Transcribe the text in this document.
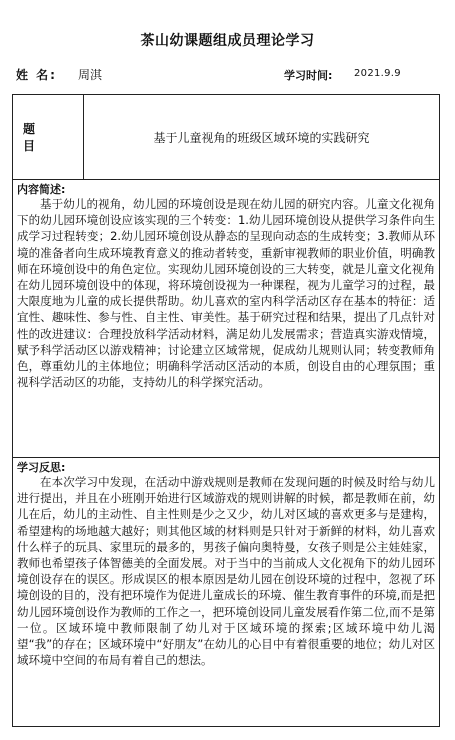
茶山幼课题组成员理论学习
姓 名: 周淇	学习时间: 2021.9.9
题 目
基于儿童视角的班级区域环境的实践研究
内容简述:
基于幼儿的视角，幼儿园的环境创设是现在幼儿园的研究内容。儿童文化视角下的幼儿园环境创设应该实现的三个转变：1.幼儿园环境创设从提供学习条件向生成学习过程转变；2.幼儿园环境创设从静态的呈现向动态的生成转变；3.教师从环境的准备者向生成环境教育意义的推动者转变，重新审视教师的职业价值，明确教师在环境创设中的角色定位。实现幼儿园环境创设的三大转变，就是儿童文化视角在幼儿园环境创设中的体现，将环境创设视为一种课程，视为儿童学习的过程，最大限度地为儿童的成长提供帮助。幼儿喜欢的室内科学活动区存在基本的特征：适宜性、趣味性、参与性、自主性、审美性。基于研究过程和结果，提出了几点针对性的改进建议：合理投放科学活动材料，满足幼儿发展需求；营造真实游戏情境，赋予科学活动区以游戏精神；讨论建立区域常规，促成幼儿规则认同；转变教师角色，尊重幼儿的主体地位；明确科学活动区活动的本质，创设自由的心理氛围；重视科学活动区的功能，支持幼儿的科学探究活动。
学习反思:
在本次学习中发现，在活动中游戏规则是教师在发现问题的时候及时给与幼儿进行提出，并且在小班刚开始进行区域游戏的规则讲解的时候，都是教师在前，幼儿在后，幼儿的主动性、自主性则是少之又少，幼儿对区域的喜欢更多与是建构，希望建构的场地越大越好；则其他区域的材料则是只针对于新鲜的材料，幼儿喜欢什么样子的玩具、家里玩的最多的，男孩子偏向奥特曼，女孩子则是公主娃娃家，教师也希望孩子体智德美的全面发展。对于当中的当前成人文化视角下的幼儿园环境创设存在的误区。形成误区的根本原因是幼儿园在创设环境的过程中，忽视了环境创设的目的，没有把环境作为促进儿童成长的环境、催生教育事件的环境,而是把幼儿园环境创设作为教师的工作之一，把环境创设同儿童发展看作第二位,而不是第一位。区域环境中教师限制了幼儿对于区域环境的探索;区域环境中幼儿渴望“我”的存在；区域环境中“好朋友”在幼儿的心目中有着很重要的地位；幼儿对区域环境中空间的布局有着自己的想法。
